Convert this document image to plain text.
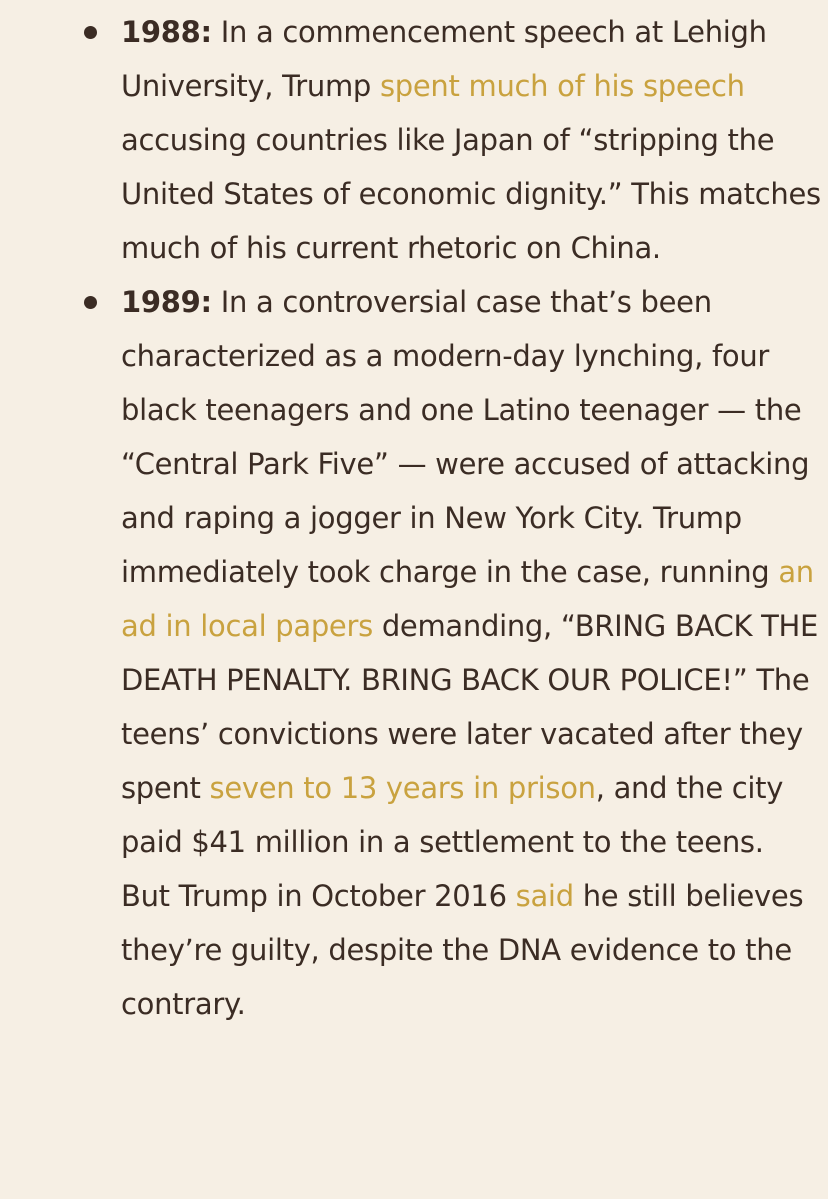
1988: In a commencement speech at Lehigh University, Trump spent much of his speech accusing countries like Japan of “stripping the United States of economic dignity.” This matches much of his current rhetoric on China.
1989: In a controversial case that’s been characterized as a modern-day lynching, four black teenagers and one Latino teenager — the “Central Park Five” — were accused of attacking and raping a jogger in New York City. Trump immediately took charge in the case, running an ad in local papers demanding, “BRING BACK THE DEATH PENALTY. BRING BACK OUR POLICE!” The teens’ convictions were later vacated after they spent seven to 13 years in prison, and the city paid $41 million in a settlement to the teens. But Trump in October 2016 said he still believes they’re guilty, despite the DNA evidence to the contrary.
